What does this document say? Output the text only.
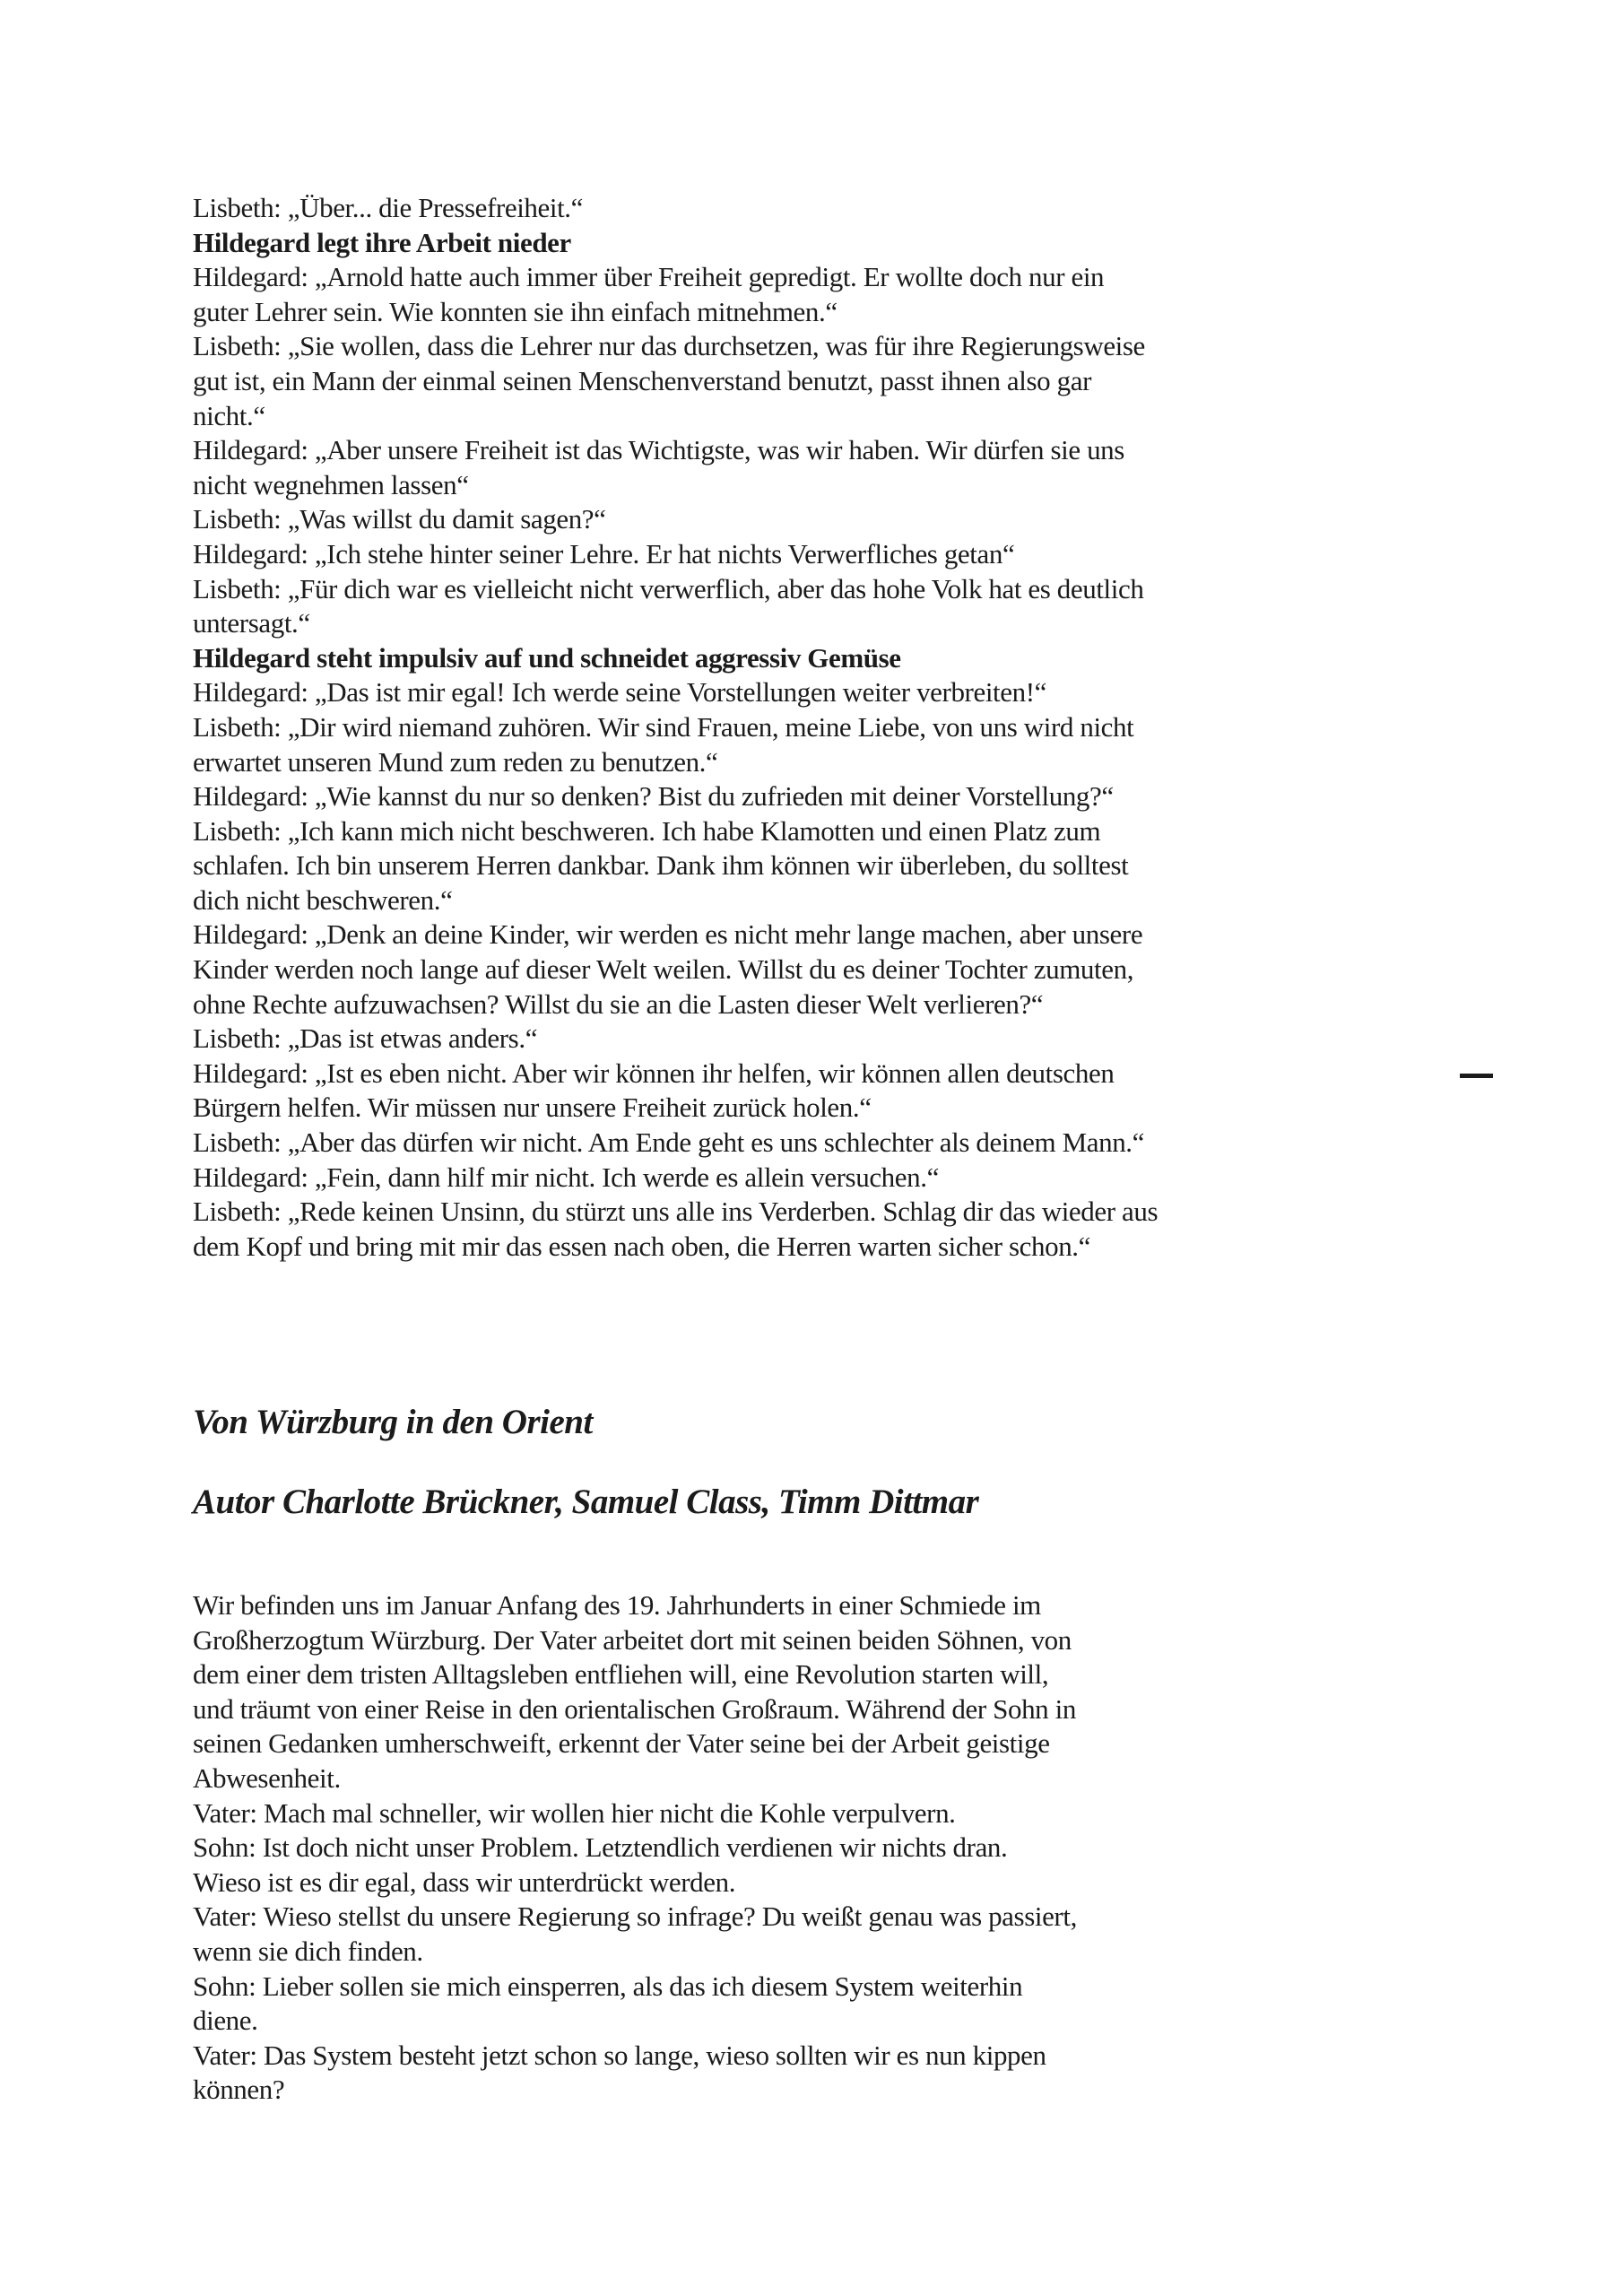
Lisbeth: „Über... die Pressefreiheit.“
Hildegard legt ihre Arbeit nieder
Hildegard: „Arnold hatte auch immer über Freiheit gepredigt. Er wollte doch nur ein
guter Lehrer sein. Wie konnten sie ihn einfach mitnehmen.“
Lisbeth: „Sie wollen, dass die Lehrer nur das durchsetzen, was für ihre Regierungsweise
gut ist, ein Mann der einmal seinen Menschenverstand benutzt, passt ihnen also gar
nicht.“
Hildegard: „Aber unsere Freiheit ist das Wichtigste, was wir haben. Wir dürfen sie uns
nicht wegnehmen lassen“
Lisbeth: „Was willst du damit sagen?“
Hildegard: „Ich stehe hinter seiner Lehre. Er hat nichts Verwerfliches getan“
Lisbeth: „Für dich war es vielleicht nicht verwerflich, aber das hohe Volk hat es deutlich
untersagt.“
Hildegard steht impulsiv auf und schneidet aggressiv Gemüse
Hildegard: „Das ist mir egal! Ich werde seine Vorstellungen weiter verbreiten!“
Lisbeth: „Dir wird niemand zuhören. Wir sind Frauen, meine Liebe, von uns wird nicht
erwartet unseren Mund zum reden zu benutzen.“
Hildegard: „Wie kannst du nur so denken? Bist du zufrieden mit deiner Vorstellung?“
Lisbeth: „Ich kann mich nicht beschweren. Ich habe Klamotten und einen Platz zum
schlafen. Ich bin unserem Herren dankbar. Dank ihm können wir überleben, du solltest
dich nicht beschweren.“
Hildegard: „Denk an deine Kinder, wir werden es nicht mehr lange machen, aber unsere
Kinder werden noch lange auf dieser Welt weilen. Willst du es deiner Tochter zumuten,
ohne Rechte aufzuwachsen? Willst du sie an die Lasten dieser Welt verlieren?“
Lisbeth: „Das ist etwas anders.“
Hildegard: „Ist es eben nicht. Aber wir können ihr helfen, wir können allen deutschen
Bürgern helfen. Wir müssen nur unsere Freiheit zurück holen.“
Lisbeth: „Aber das dürfen wir nicht. Am Ende geht es uns schlechter als deinem Mann.“
Hildegard: „Fein, dann hilf mir nicht. Ich werde es allein versuchen.“
Lisbeth: „Rede keinen Unsinn, du stürzt uns alle ins Verderben. Schlag dir das wieder aus
dem Kopf und bring mit mir das essen nach oben, die Herren warten sicher schon.“
Von Würzburg in den Orient
Autor Charlotte Brückner, Samuel Class, Timm Dittmar
Wir befinden uns im Januar Anfang des 19. Jahrhunderts in einer Schmiede im
Großherzogtum Würzburg. Der Vater arbeitet dort mit seinen beiden Söhnen, von
dem einer dem tristen Alltagsleben entfliehen will, eine Revolution starten will,
und träumt von einer Reise in den orientalischen Großraum. Während der Sohn in
seinen Gedanken umherschweift, erkennt der Vater seine bei der Arbeit geistige
Abwesenheit.
Vater: Mach mal schneller, wir wollen hier nicht die Kohle verpulvern.
Sohn: Ist doch nicht unser Problem. Letztendlich verdienen wir nichts dran.
Wieso ist es dir egal, dass wir unterdrückt werden.
Vater: Wieso stellst du unsere Regierung so infrage? Du weißt genau was passiert,
wenn sie dich finden.
Sohn: Lieber sollen sie mich einsperren, als das ich diesem System weiterhin
diene.
Vater: Das System besteht jetzt schon so lange, wieso sollten wir es nun kippen
können?
